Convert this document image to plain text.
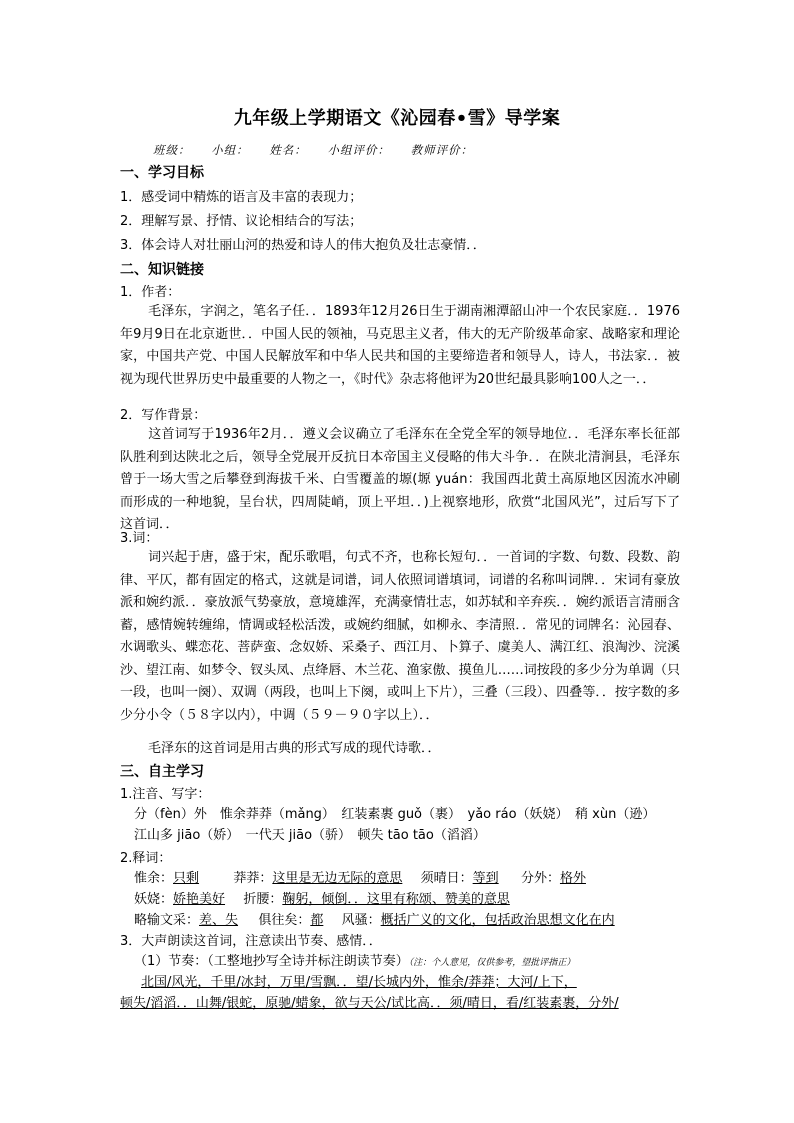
九年级上学期语文《沁园春•雪》导学案
班级： 小组： 姓名： 小组评价： 教师评价：
一、学习目标
1．感受词中精炼的语言及丰富的表现力；
2．理解写景、抒情、议论相结合的写法；
3．体会诗人对壮丽山河的热爱和诗人的伟大抱负及壮志豪情．．
二、知识链接
1．作者：
毛泽东，字润之，笔名子任．．1893年12月26日生于湖南湘潭韶山冲一个农民家庭．．1976年9月9日在北京逝世．．中国人民的领袖，马克思主义者，伟大的无产阶级革命家、战略家和理论家，中国共产党、中国人民解放军和中华人民共和国的主要缔造者和领导人，诗人，书法家．．被视为现代世界历史中最重要的人物之一，《时代》杂志将他评为20世纪最具影响100人之一．．
2．写作背景：
这首词写于1936年2月．．遵义会议确立了毛泽东在全党全军的领导地位．．毛泽东率长征部队胜利到达陕北之后，领导全党展开反抗日本帝国主义侵略的伟大斗争．．在陕北清涧县，毛泽东曾于一场大雪之后攀登到海拔千米、白雪覆盖的塬(塬 yuán：我国西北黄土高原地区因流水冲刷而形成的一种地貌，呈台状，四周陡峭，顶上平坦．．)上视察地形，欣赏“北国风光”，过后写下了这首词．．
3.词：
词兴起于唐，盛于宋，配乐歌唱，句式不齐，也称长短句．．一首词的字数、句数、段数、韵律、平仄，都有固定的格式，这就是词谱，词人依照词谱填词，词谱的名称叫词牌．．宋词有豪放派和婉约派．．豪放派气势豪放，意境雄浑，充满豪情壮志，如苏轼和辛弃疾．．婉约派语言清丽含蓄，感情婉转缠绵，情调或轻松活泼，或婉约细腻，如柳永、李清照．．常见的词牌名：沁园春、水调歌头、蝶恋花、菩萨蛮、念奴娇、采桑子、西江月、卜算子、虞美人、满江红、浪淘沙、浣溪沙、望江南、如梦令、钗头凤、点绛唇、木兰花、渔家傲、摸鱼儿……词按段的多少分为单调（只一段，也叫一阕）、双调（两段，也叫上下阕，或叫上下片），三叠（三段）、四叠等．．按字数的多少分小令（５８字以内），中调（５９－９０字以上）．．
毛泽东的这首词是用古典的形式写成的现代诗歌．．
三、自主学习
1.注音、写字：
分（fèn）外　惟余莽莽（mǎng）　红装素裹 guǒ（裹）　yǎo ráo（妖娆）　稍 xùn（逊）
江山多 jiāo（娇）　一代天 jiāo（骄）　顿失 tāo tāo（滔滔）
2.释词：
惟余：只剩	莽莽：这里是无边无际的意思 须晴日：等到 分外：格外
妖娆：娇艳美好 折腰：鞠躬，倾倒．．这里有称颂、赞美的意思
略输文采：差、失 俱往矣：都 风骚：概括广义的文化，包括政治思想文化在内
3．大声朗读这首词，注意读出节奏、感情．．
（1）节奏：（工整地抄写全诗并标注朗读节奏）（注：个人意见，仅供参考，望批评指正）
北国/风光，千里/冰封，万里/雪飘．．望/长城内外，惟余/莽莽；大河/上下，
顿失/滔滔．．山舞/银蛇，原驰/蜡象，欲与天公/试比高．．须/晴日，看/红装素裹，分外/
